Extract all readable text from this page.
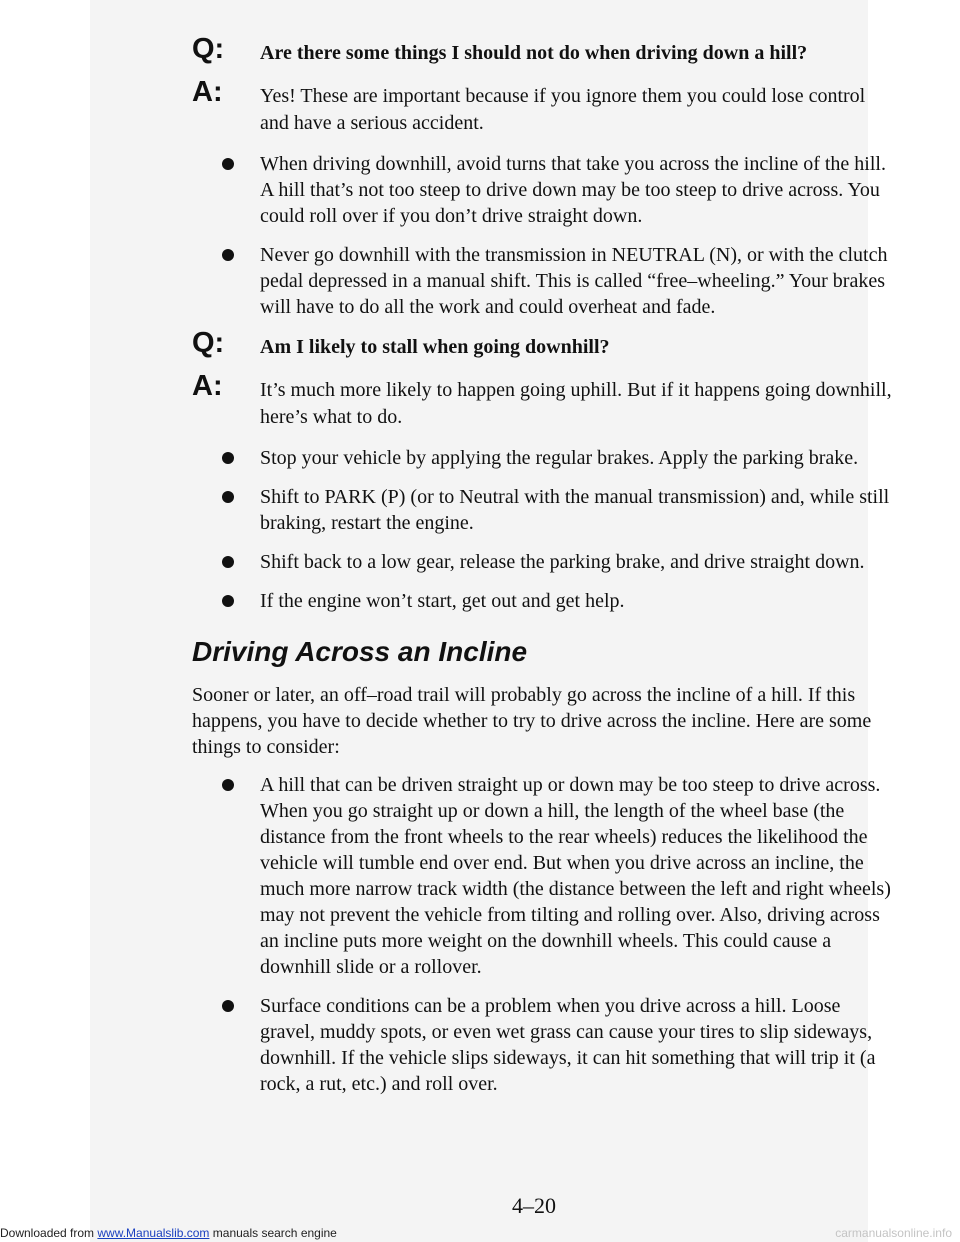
Q: Are there some things I should not do when driving down a hill?
A: Yes! These are important because if you ignore them you could lose control and have a serious accident.
When driving downhill, avoid turns that take you across the incline of the hill. A hill that’s not too steep to drive down may be too steep to drive across. You could roll over if you don’t drive straight down.
Never go downhill with the transmission in NEUTRAL (N), or with the clutch pedal depressed in a manual shift. This is called “free–wheeling.” Your brakes will have to do all the work and could overheat and fade.
Q: Am I likely to stall when going downhill?
A: It’s much more likely to happen going uphill. But if it happens going downhill, here’s what to do.
Stop your vehicle by applying the regular brakes. Apply the parking brake.
Shift to PARK (P) (or to Neutral with the manual transmission) and, while still braking, restart the engine.
Shift back to a low gear, release the parking brake, and drive straight down.
If the engine won’t start, get out and get help.
Driving Across an Incline

Sooner or later, an off–road trail will probably go across the incline of a hill. If this happens, you have to decide whether to try to drive across the incline. Here are some things to consider:

A hill that can be driven straight up or down may be too steep to drive across. When you go straight up or down a hill, the length of the wheel base (the distance from the front wheels to the rear wheels) reduces the likelihood the vehicle will tumble end over end. But when you drive across an incline, the much more narrow track width (the distance between the left and right wheels) may not prevent the vehicle from tilting and rolling over. Also, driving across an incline puts more weight on the downhill wheels. This could cause a downhill slide or a rollover.
Surface conditions can be a problem when you drive across a hill. Loose gravel, muddy spots, or even wet grass can cause your tires to slip sideways, downhill. If the vehicle slips sideways, it can hit something that will trip it (a rock, a rut, etc.) and roll over.
4–20
Downloaded from www.Manualslib.com manuals search engine	carmanualsonline.info
